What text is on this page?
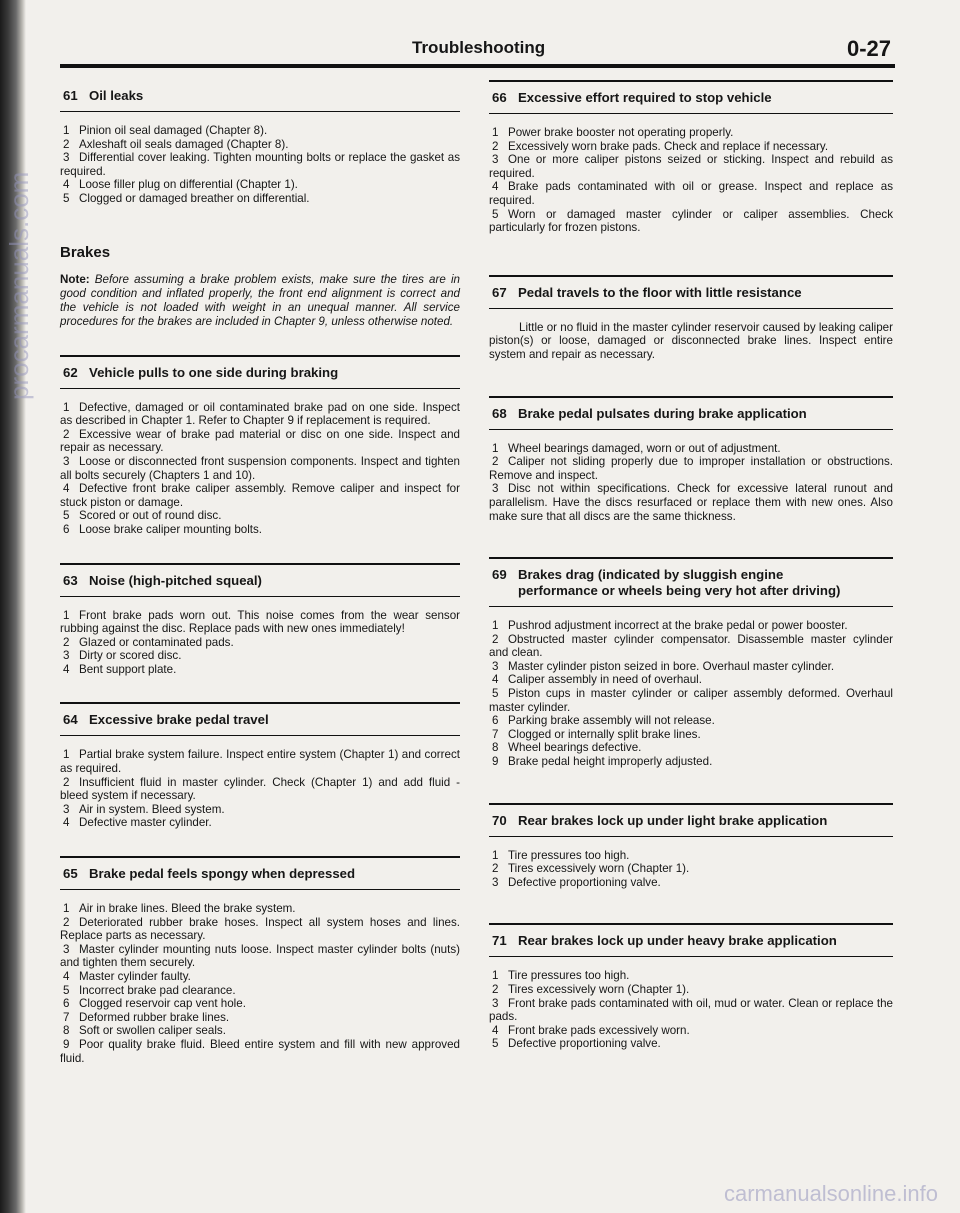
procarmanuals.com
Troubleshooting	0-27
61 Oil leaks

1 Pinion oil seal damaged (Chapter 8).

2 Axleshaft oil seals damaged (Chapter 8).

3 Differential cover leaking. Tighten mounting bolts or replace the gasket as required.

4 Loose filler plug on differential (Chapter 1).

5 Clogged or damaged breather on differential.

Brakes

Note: Before assuming a brake problem exists, make sure the tires are in good condition and inflated properly, the front end alignment is correct and the vehicle is not loaded with weight in an unequal manner. All service procedures for the brakes are included in Chapter 9, unless otherwise noted.

62 Vehicle pulls to one side during braking

1 Defective, damaged or oil contaminated brake pad on one side. Inspect as described in Chapter 1. Refer to Chapter 9 if replacement is required.

2 Excessive wear of brake pad material or disc on one side. Inspect and repair as necessary.

3 Loose or disconnected front suspension components. Inspect and tighten all bolts securely (Chapters 1 and 10).

4 Defective front brake caliper assembly. Remove caliper and inspect for stuck piston or damage.

5 Scored or out of round disc.

6 Loose brake caliper mounting bolts.

63 Noise (high-pitched squeal)

1 Front brake pads worn out. This noise comes from the wear sensor rubbing against the disc. Replace pads with new ones immediately!

2 Glazed or contaminated pads.

3 Dirty or scored disc.

4 Bent support plate.

64 Excessive brake pedal travel

1 Partial brake system failure. Inspect entire system (Chapter 1) and correct as required.

2 Insufficient fluid in master cylinder. Check (Chapter 1) and add fluid - bleed system if necessary.

3 Air in system. Bleed system.

4 Defective master cylinder.

65 Brake pedal feels spongy when depressed

1 Air in brake lines. Bleed the brake system.

2 Deteriorated rubber brake hoses. Inspect all system hoses and lines. Replace parts as necessary.

3 Master cylinder mounting nuts loose. Inspect master cylinder bolts (nuts) and tighten them securely.

4 Master cylinder faulty.

5 Incorrect brake pad clearance.

6 Clogged reservoir cap vent hole.

7 Deformed rubber brake lines.

8 Soft or swollen caliper seals.

9 Poor quality brake fluid. Bleed entire system and fill with new approved fluid.

66 Excessive effort required to stop vehicle

1 Power brake booster not operating properly.

2 Excessively worn brake pads. Check and replace if necessary.

3 One or more caliper pistons seized or sticking. Inspect and rebuild as required.

4 Brake pads contaminated with oil or grease. Inspect and replace as required.

5 Worn or damaged master cylinder or caliper assemblies. Check particularly for frozen pistons.

67 Pedal travels to the floor with little resistance

Little or no fluid in the master cylinder reservoir caused by leaking caliper piston(s) or loose, damaged or disconnected brake lines. Inspect entire system and repair as necessary.

68 Brake pedal pulsates during brake application

1 Wheel bearings damaged, worn or out of adjustment.

2 Caliper not sliding properly due to improper installation or obstructions. Remove and inspect.

3 Disc not within specifications. Check for excessive lateral runout and parallelism. Have the discs resurfaced or replace them with new ones. Also make sure that all discs are the same thickness.

69 Brakes drag (indicated by sluggish engine
performance or wheels being very hot after driving)

1 Pushrod adjustment incorrect at the brake pedal or power booster.

2 Obstructed master cylinder compensator. Disassemble master cylinder and clean.

3 Master cylinder piston seized in bore. Overhaul master cylinder.

4 Caliper assembly in need of overhaul.

5 Piston cups in master cylinder or caliper assembly deformed. Overhaul master cylinder.

6 Parking brake assembly will not release.

7 Clogged or internally split brake lines.

8 Wheel bearings defective.

9 Brake pedal height improperly adjusted.

70 Rear brakes lock up under light brake application

1 Tire pressures too high.

2 Tires excessively worn (Chapter 1).

3 Defective proportioning valve.

71 Rear brakes lock up under heavy brake application

1 Tire pressures too high.

2 Tires excessively worn (Chapter 1).

3 Front brake pads contaminated with oil, mud or water. Clean or replace the pads.

4 Front brake pads excessively worn.

5 Defective proportioning valve.

carmanualsonline.info
